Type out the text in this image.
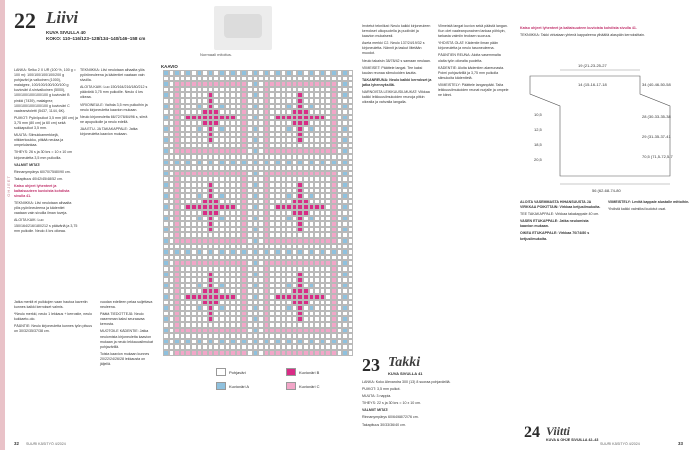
OHJEET
22 Liivi
KUVA SIVULLA 40
KOKO: 110–116/123–128/134–140/146–158 cm
Normaali mitoitus.

LANKA: Selko 2 X UR (100 %, 100 g = 100 m): 100/100/100/100/200 g pohjaväri ja valkoinen (1000), malaigrez, 100/100/100/100/100 g kuvioväri A sinivalkoinen (5000), 100/100/100/100/100 g kuvioväri B pinkki (7439), malaigrez; 100/100/100/100/100 g kuvioväri C vaaleanvioletti (5437, 1144, 6K).

PUIKOT: Pyöröpuikot 3,5 mm (80 cm) ja 3,75 mm (80 cm) ja 60 cm) sekä sukkapuikot 3,5 mm.

MUUTA: Silmukkamerkkejä, nitkkerkoukku, pitkää neulaa ja ompelulankaa.

TIHEYS: 26 s ja 30 krs = 10 x 10 cm kirjoneuletta 3,5 mm puikoilla.

VALMIIT MITAT:

Rinnanympärys 60/70/75/80/90 cm.

Takapituus 40/42/45/48/52 cm.

Katso ohjeet lyhenteet ja kaltaisuuteen kuvioista kohdista sivulla 41.

TEKNIIKKA: Liivi neulotaan alhaalta ylös pyöröneuleena ja kädentiet vaataan vain sivuilla ilman tuveja.

ALOITA KAIK: Luo 150/164/216/180/212 s pääväriä ja 3,75 mm puikolle. Neulo 4 krs oikeaa.

TEKNIIKKA: Liivi neulotaan alhaalta ylös pyöröneuleena ja kädentiet vaataan vain sivuilla.

ALOITA KAIK: Luo 150/164/216/180/212 s pääväriä 3,75 mm puikoille. Neulo 4 krs oikeaa.

VIRIOINEULE: Vaihda 3,5 mm puikoihin ja neulo kirjoneuletta kaavion mukaan.

Neulo kirjoneuletta 66/72/78/84/96 s, siirrä ne apupuikolle ja neulo edellä.

JAA ETU- JA TAKAKAPPALE: Jatka kirjoneuletta kaavion mukaan.

vuodan edelleen pelaa suljettava neuleena.

Päätä TIEDOTTEJÄ: Neulo vasemman kaksi seuraavaa kerrosta.

MUOTOILE KÄDENTIE: Jatka neulomista kirjoneuletta kaavion mukaan ja neulo lekkauusilmukat pohjavärillä.

Toista kaavion mukaan kunnes 20/22/24/26/28 lekkausta on jäljellä.

Jatka merkit ei puikkojen vaan hautoa kaveriin kunnes kaikki kerrokset valmis.

*Neulo merkki, neulo 1 lekkaus + kerrostie, neulo kukkaeto-olo.

PÄÄNTIE: Neulo kirjoneuletta kunnes työn pituus on 30/32/35/37/38 cm.

KAAVIO
Pohjaväri	Kuvioväri B
Kuvioväri A	Kuvioväri C

Irrotetut tekniikat: Neulo kaikki kirjoneuleen kerrokset ulkopuolella ja puoliväri ja kaavion mukaisesti.

Aseta merkki C2. Neulo 137/24/19/32 s kirjoneuletta. Nännit ja taskut liitetään muodot.

Neulo takaisin 38/78/42 s samaan neulaan.

VIIMEISET: Päättele langat. Tee kaksi kaulan reunaa silmukoiden kautta.

TAKANREUNA: Neulo kaikki kerrokset ja jatka lyhennyksillä.

NARNOISTA LEIKKUUSILMUKAT: Viikkaa kaikki leikkuusilmukoiden reunoja pitkin oikealla ja vahvalla langalla.

Viimeistä langat kuvion sekä päästä langan. Kun olet vaaleanpunainen lankaa pöhkyin, tarkasta valmiin teoksen suoruus.

YHDISTÄ OLAT: Kädentie ilman pään kirjoneuletta ja neulo tasoneuleena.

PÄÄNTIEN REUNA: Aloita vasemmalta olalta työn oikealta puolelta.

KÄDENTIE: Aloita kädentien alareunasta. Poimi pohjavärillä ja 3,75 mm puikolla silmukoita kädentietä.

VIIMEISTELY: Päättele langanpäät. Taita leikkuusilmukoiden reunat nurjalle ja ompele ne kiinni.

23 Takki
KUVA SIVULLA 41

LANKA: Koko Alexandra 300 (13) 8 suoraa pohjavärillä.

PUIKOT: 3,5 mm puikot.

MUUTA: 3 nappia.

TIHEYS: 22 s ja 30 krs = 10 x 10 cm.

VALMIIT MITAT:

Rinnanympärys 60/64/68/72/76 cm.

Takapituus 30/33/36/40 cm.

Katso ohjeet lyhenteet ja kaltaisuuteen kuvioista kohdista sivulla 41.

TEKNIIKKA: Takki virkataan yhtenä kappaleena ylhäältä alaspäin kerroksittain.

19 (21-23-25-27
14 (15-16-17-18
10,5
12,5
18,5
20,5
34 (40-46-50-58
28 (30-33-35-38
29 (31-35-37-41
70,5 (71,5-72,5-7
56 (62-68-74-80

ALOITA VASEMMASTA HIHANSUUSTA JA VIRKKAA POIKITTAIN: Virkkaa ketjusilmukoita.

TEE TAKAKAPPALE: Virkkaa takakappale 40 cm.

VASEN ETUKAPPALE: Jatka neulomista kaavion mukaan.

OIKEA ETUKAPPALE: Virkkaa 70/74/80 s ketjusilmukoita.

VIIMEISTELY: Levitä kappale alustalle mittoihin.

Yhdistä kaikki valmiiksi kudotut osat.

24 Viitti
KUVA & OHJE SIVUILLA 42–43
32 SUURI KÄSITYÖ 4/2024	SUURI KÄSITYÖ 4/2024	33
